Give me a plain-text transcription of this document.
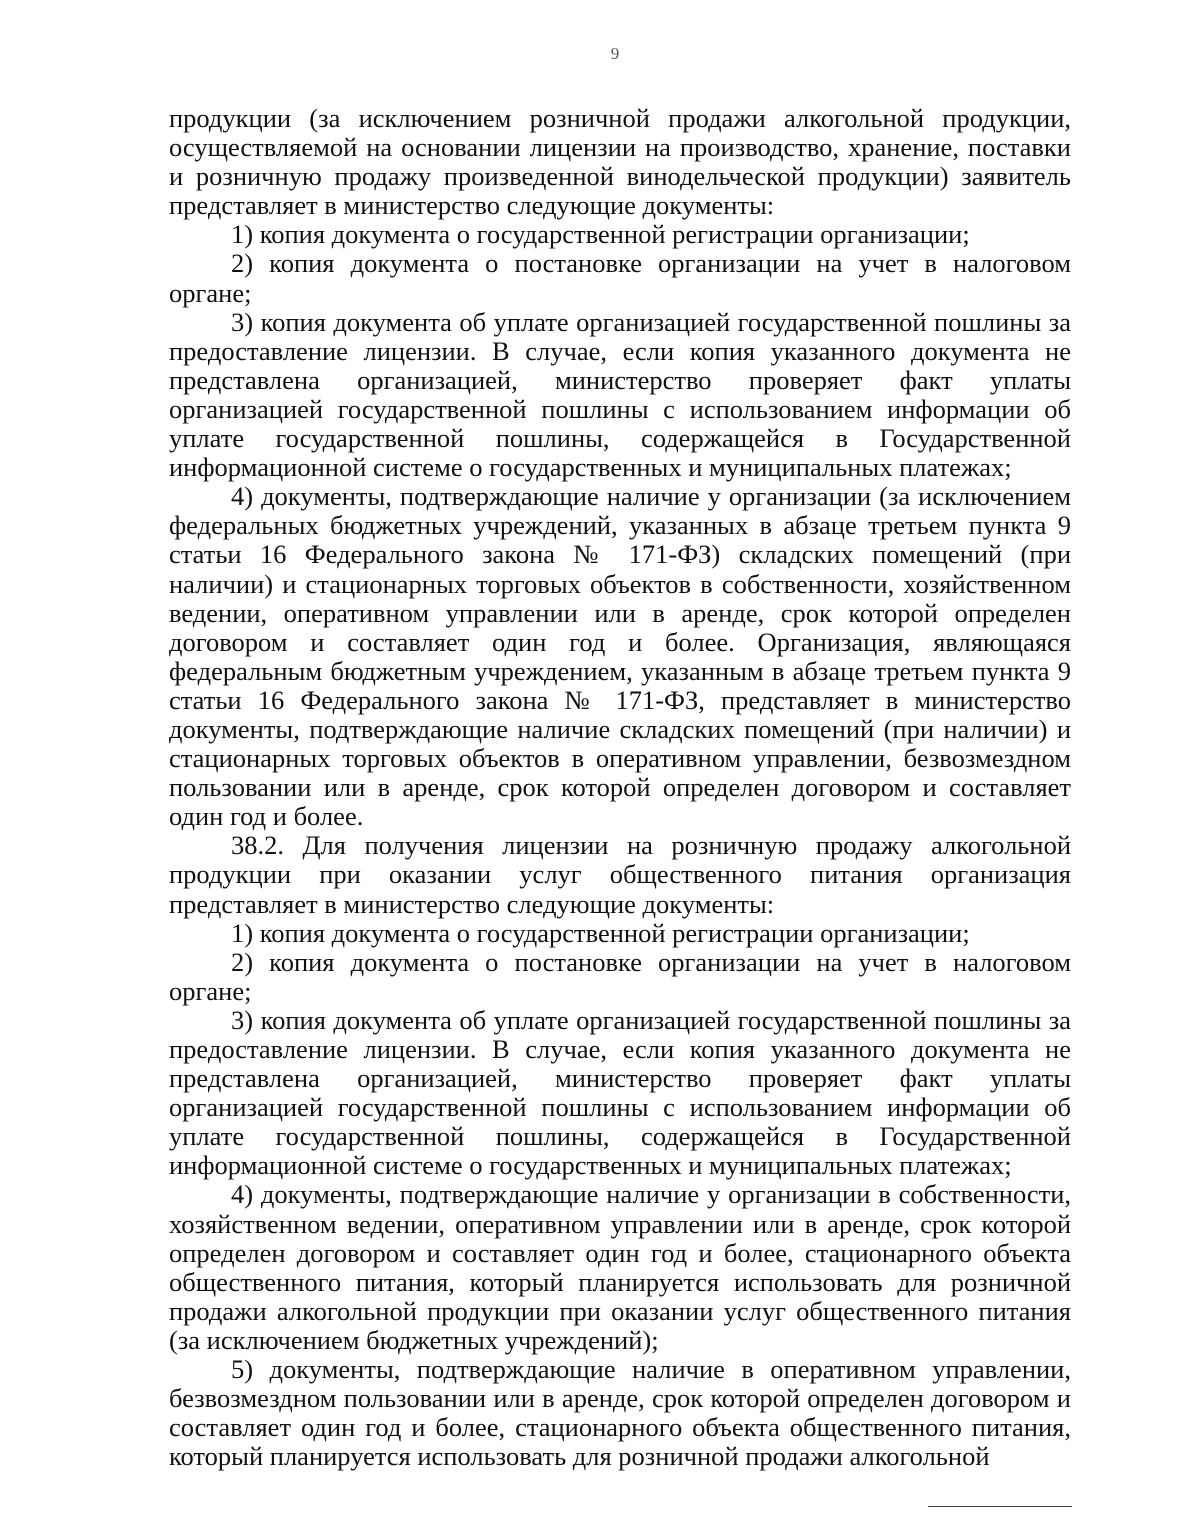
9

продукции (за исключением розничной продажи алкогольной продукции, осуществляемой на основании лицензии на производство, хранение, поставки и розничную продажу произведенной винодельческой продукции) заявитель представляет в министерство следующие документы:

1) копия документа о государственной регистрации организации;

2) копия документа о постановке организации на учет в налоговом органе;

3) копия документа об уплате организацией государственной пошлины за предоставление лицензии. В случае, если копия указанного документа не представлена организацией, министерство проверяет факт уплаты организацией государственной пошлины с использованием информации об уплате государственной пошлины, содержащейся в Государственной информационной системе о государственных и муниципальных платежах;

4) документы, подтверждающие наличие у организации (за исключением федеральных бюджетных учреждений, указанных в абзаце третьем пункта 9 статьи 16 Федерального закона № 171-ФЗ) складских помещений (при наличии) и стационарных торговых объектов в собственности, хозяйственном ведении, оперативном управлении или в аренде, срок которой определен договором и составляет один год и более. Организация, являющаяся федеральным бюджетным учреждением, указанным в абзаце третьем пункта 9 статьи 16 Федерального закона № 171-ФЗ, представляет в министерство документы, подтверждающие наличие складских помещений (при наличии) и стационарных торговых объектов в оперативном управлении, безвозмездном пользовании или в аренде, срок которой определен договором и составляет один год и более.

38.2. Для получения лицензии на розничную продажу алкогольной продукции при оказании услуг общественного питания организация представляет в министерство следующие документы:

1) копия документа о государственной регистрации организации;

2) копия документа о постановке организации на учет в налоговом органе;

3) копия документа об уплате организацией государственной пошлины за предоставление лицензии. В случае, если копия указанного документа не представлена организацией, министерство проверяет факт уплаты организацией государственной пошлины с использованием информации об уплате государственной пошлины, содержащейся в Государственной информационной системе о государственных и муниципальных платежах;

4) документы, подтверждающие наличие у организации в собственности, хозяйственном ведении, оперативном управлении или в аренде, срок которой определен договором и составляет один год и более, стационарного объекта общественного питания, который планируется использовать для розничной продажи алкогольной продукции при оказании услуг общественного питания (за исключением бюджетных учреждений);

5) документы, подтверждающие наличие в оперативном управлении, безвозмездном пользовании или в аренде, срок которой определен договором и составляет один год и более, стационарного объекта общественного питания, который планируется использовать для розничной продажи алкогольной
